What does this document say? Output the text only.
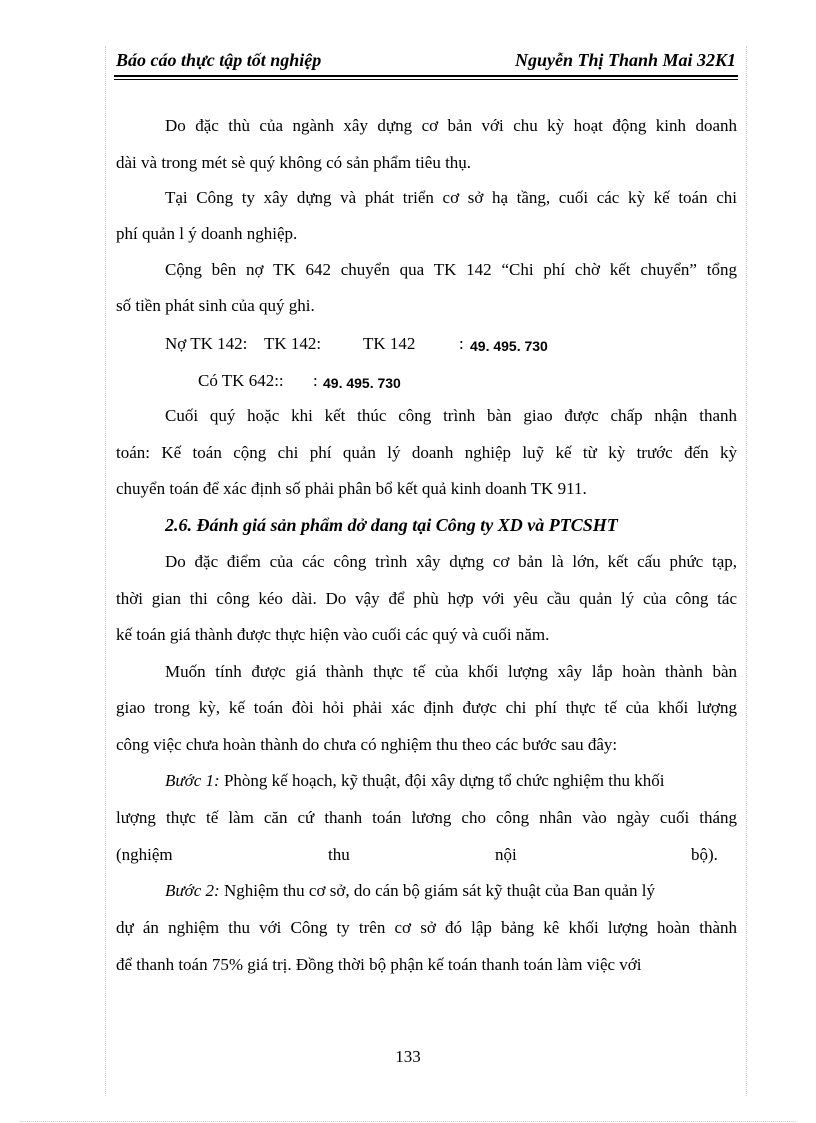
Báo cáo thực tập tốt nghiệp	Nguyễn Thị Thanh Mai 32K1
Do đặc thù của ngành xây dựng cơ bản với chu kỳ hoạt động kinh doanh
dài và trong mét sè quý không có sản phẩm tiêu thụ.
Tại Công ty xây dựng và phát triển cơ sở hạ tầng, cuối các kỳ kế toán chi
phí quản l ý doanh nghiệp.
Cộng bên nợ TK 642 chuyển qua TK 142 “Chi phí chờ kết chuyển” tổng
số tiền phát sinh của quý ghi.
Nợ TK 142: TK 142: TK 142	: 49. 495. 730
Có TK 642:: : 49. 495. 730
Cuối quý hoặc khi kết thúc công trình bàn giao được chấp nhận thanh
toán: Kế toán cộng chi phí quản lý doanh nghiệp luỹ kế từ kỳ trước đến kỳ
chuyển toán để xác định số phải phân bổ kết quả kinh doanh TK 911.
2.6. Đánh giá sản phẩm dở dang tại Công ty XD và PTCSHT
Do đặc điểm của các công trình xây dựng cơ bản là lớn, kết cấu phức tạp,
thời gian thi công kéo dài. Do vậy để phù hợp với yêu cầu quản lý của công tác
kế toán giá thành được thực hiện vào cuối các quý và cuối năm.
Muốn tính được giá thành thực tế của khối lượng xây lắp hoàn thành bàn
giao trong kỳ, kế toán đòi hỏi phải xác định được chi phí thực tế của khối lượng
công việc chưa hoàn thành do chưa có nghiệm thu theo các bước sau đây:
Bước 1: Phòng kế hoạch, kỹ thuật, đội xây dựng tổ chức nghiệm thu khối
lượng thực tế làm căn cứ thanh toán lương cho công nhân vào ngày cuối tháng
(nghiệm	thu	nội	bộ).
Bước 2: Nghiệm thu cơ sở, do cán bộ giám sát kỹ thuật của Ban quản lý
dự án nghiệm thu với Công ty trên cơ sở đó lập bảng kê khối lượng hoàn thành
để thanh toán 75% giá trị. Đồng thời bộ phận kế toán thanh toán làm việc với
133
